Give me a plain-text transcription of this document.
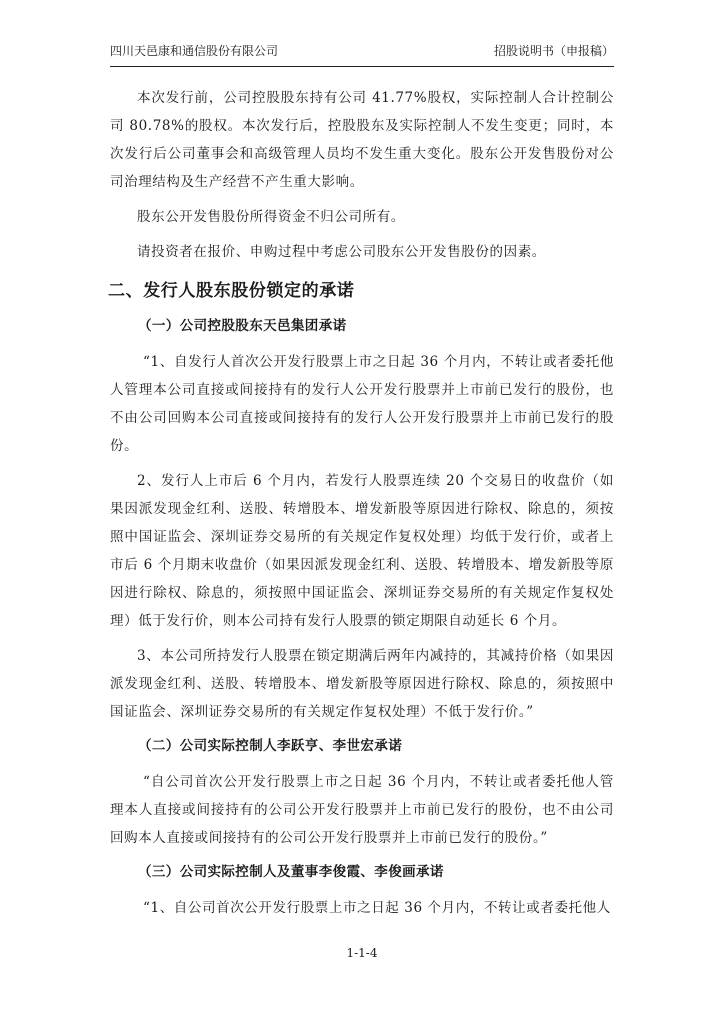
四川天邑康和通信股份有限公司	招股说明书（申报稿）

本次发行前，公司控股股东持有公司 41.77%股权，实际控制人合计控制公司 80.78%的股权。本次发行后，控股股东及实际控制人不发生变更；同时，本次发行后公司董事会和高级管理人员均不发生重大变化。股东公开发售股份对公司治理结构及生产经营不产生重大影响。

股东公开发售股份所得资金不归公司所有。

请投资者在报价、申购过程中考虑公司股东公开发售股份的因素。

二、发行人股东股份锁定的承诺
（一）公司控股股东天邑集团承诺

“1、自发行人首次公开发行股票上市之日起 36 个月内，不转让或者委托他人管理本公司直接或间接持有的发行人公开发行股票并上市前已发行的股份，也不由公司回购本公司直接或间接持有的发行人公开发行股票并上市前已发行的股份。

2、发行人上市后 6 个月内，若发行人股票连续 20 个交易日的收盘价（如果因派发现金红利、送股、转增股本、增发新股等原因进行除权、除息的，须按照中国证监会、深圳证券交易所的有关规定作复权处理）均低于发行价，或者上市后 6 个月期末收盘价（如果因派发现金红利、送股、转增股本、增发新股等原因进行除权、除息的，须按照中国证监会、深圳证券交易所的有关规定作复权处理）低于发行价，则本公司持有发行人股票的锁定期限自动延长 6 个月。

3、本公司所持发行人股票在锁定期满后两年内减持的，其减持价格（如果因派发现金红利、送股、转增股本、增发新股等原因进行除权、除息的，须按照中国证监会、深圳证券交易所的有关规定作复权处理）不低于发行价。”

（二）公司实际控制人李跃亨、李世宏承诺

“自公司首次公开发行股票上市之日起 36 个月内，不转让或者委托他人管理本人直接或间接持有的公司公开发行股票并上市前已发行的股份，也不由公司回购本人直接或间接持有的公司公开发行股票并上市前已发行的股份。”

（三）公司实际控制人及董事李俊霞、李俊画承诺

“1、自公司首次公开发行股票上市之日起 36 个月内，不转让或者委托他人

1-1-4
